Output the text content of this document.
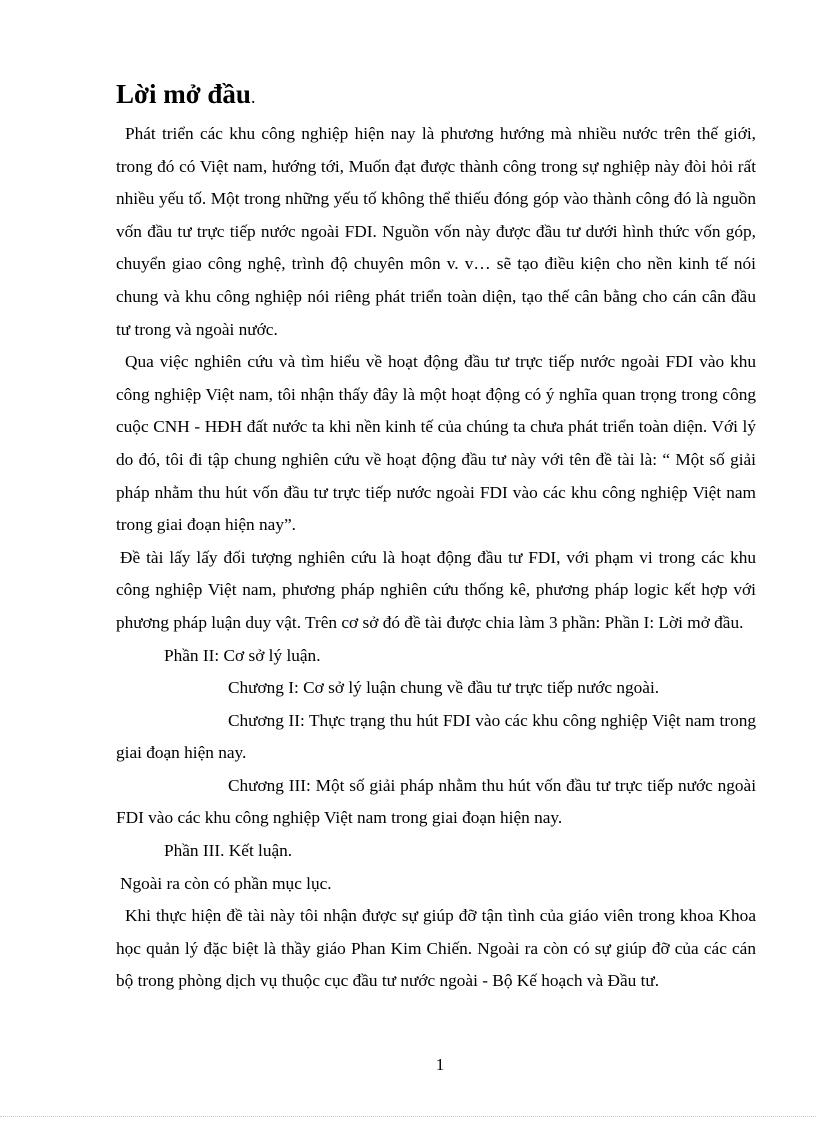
Lời mở đầu.

Phát triển các khu công nghiệp hiện nay là phương hướng mà nhiều nước trên thế giới, trong đó có Việt nam, hướng tới, Muốn đạt được thành công trong sự nghiệp này đòi hỏi rất nhiều yếu tố. Một trong những yếu tố không thể thiếu đóng góp vào thành công đó là nguồn vốn đầu tư trực tiếp nước ngoài FDI. Nguồn vốn này được đầu tư dưới hình thức vốn góp, chuyển giao công nghệ, trình độ chuyên môn v. v… sẽ tạo điều kiện cho nền kinh tế nói chung và khu công nghiệp nói riêng phát triển toàn diện, tạo thế cân bằng cho cán cân đầu tư trong và ngoài nước.

Qua việc nghiên cứu và tìm hiểu về hoạt động đầu tư trực tiếp nước ngoài FDI vào khu công nghiệp Việt nam, tôi nhận thấy đây là một hoạt động có ý nghĩa quan trọng trong công cuộc CNH - HĐH đất nước ta khi nền kinh tế của chúng ta chưa phát triển toàn diện. Với lý do đó, tôi đi tập chung nghiên cứu về hoạt động đầu tư này với tên đề tài là: “ Một số giải pháp nhằm thu hút vốn đầu tư trực tiếp nước ngoài FDI vào các khu công nghiệp Việt nam trong giai đoạn hiện nay”.

Đề tài lấy lấy đối tượng nghiên cứu là hoạt động đầu tư FDI, với phạm vi trong các khu công nghiệp Việt nam, phương pháp nghiên cứu thống kê, phương pháp logic kết hợp với phương pháp luận duy vật. Trên cơ sở đó đề tài được chia làm 3 phần: Phần I: Lời mở đầu.

Phần II: Cơ sở lý luận.

Chương I: Cơ sở lý luận chung về đầu tư trực tiếp nước ngoài.

Chương II: Thực trạng thu hút FDI vào các khu công nghiệp Việt nam trong giai đoạn hiện nay.

Chương III: Một số giải pháp nhằm thu hút vốn đầu tư trực tiếp nước ngoài FDI vào các khu công nghiệp Việt nam trong giai đoạn hiện nay.

Phần III. Kết luận.

Ngoài ra còn có phần mục lục.

Khi thực hiện đề tài này tôi nhận được sự giúp đỡ tận tình của giáo viên trong khoa Khoa học quản lý đặc biệt là thầy giáo Phan Kim Chiến. Ngoài ra còn có sự giúp đỡ của các cán bộ trong phòng dịch vụ thuộc cục đầu tư nước ngoài - Bộ Kế hoạch và Đầu tư.

1
